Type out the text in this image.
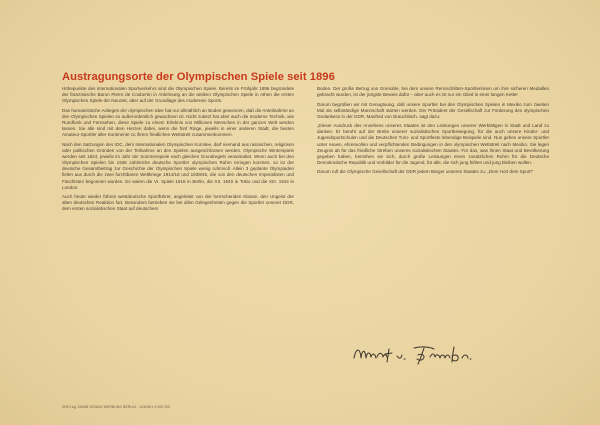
Austragungsorte der Olympischen Spiele seit 1896

Höhepunkte des internationalen Sportverkehrs sind die Olympischen Spiele. Bereits im Frühjahr 1896 begründete der französische Baron Pierre de Coubertin in Anlehnung an die antiken Olympischen Spiele in Athen die ersten Olympischen Spiele der Neuzeit, aber auf der Grundlage des modernen Sports.

Das humanistische Anliegen der olympischen Idee hat nur allmählich an Boden gewonnen, daß die Anteilnahme an den Olympischen Spielen so außerordentlich gewachsen ist. Nicht zuletzt hat aber auch die moderne Technik, wie Rundfunk und Fernsehen, diese Spiele zu einem Erlebnis von Millionen Menschen in der ganzen Welt werden lassen. Sie alle sind mit dem Herzen dabei, wenn die fünf Ringe, jeweils in einer anderen Stadt, die besten Amateur-Sportler aller Kontinente zu ihrem friedlichen Wettstreit zusammenkommen.

Nach den Satzungen des IOC, dem Internationalen Olympischen Komitee, darf niemand aus rassischen, religiösen oder politischen Gründen von der Teilnahme an den Spielen ausgeschlossen werden. Olympische Winterspiele werden seit 1924, jeweils im Jahr der Sommerspiele nach gleichen Grundregeln veranstaltet. Wenn auch bei den Olympischen Spielen bis 1936 zahlreiche deutsche Sportler olympischen Ruhm erringen konnten, so ist der deutsche Gesamtbeitrag zur Geschichte der Olympischen Spiele wenig ruhmvoll. Allein 3 geplante Olympiaden fielen aus durch die zwei furchtbaren Weltkriege 1914/18 und 1939/45, die von den deutschen Imperialisten und Faschisten begonnen wurden. Es waren die VI. Spiele 1916 in Berlin, die XII. 1940 in Tokio und die XIII. 1944 in London.

Auch heute wieder führen westdeutsche Sportführer, angeleitet von der herrschenden Klasse, den Ungeist der alten deutschen Reaktion fort. Besonders betrieben sie bei allen Gelegenheiten gegen die Sportler unserer DDR, dem ersten sozialistischen Staat auf deutschem

Boden. Der große Betrug von Grenoble, bei dem unsere Rennschlitten-Sportlerinnen um ihre sicheren Medaillen gebracht wurden, ist der jüngste Beweis dafür – aber auch es ist nur ein Glied in einer langen Kette!

Darum begrüßen wir mit Genugtuung, daß unsere Sportler bei den Olympischen Spielen in Mexiko zum zweiten Mal als selbständige Mannschaft starten werden. Der Präsident der Gesellschaft zur Förderung des olympischen Gedankens in der DDR, Manfred von Brauchitsch, sagt dazu:

„Dieser Ausdruck des Ansehens unseres Staates ist den Leistungen unserer Werktätigen in Stadt und Land zu danken. Er beruht auf der Breite unserer sozialistischen Sportbewegung, für die auch unsere Kinder- und Jugendsportschulen und die Deutschen Turn- und Sportfeste lebendige Beispiele sind. Nun gehen unsere Sportler unter neuen, ehrenvollen und verpflichtenden Bedingungen in den olympischen Wettstreit nach Mexiko. Sie legen Zeugnis ab für das friedliche Streben unseres sozialistischen Staates. Für das, was ihnen Staat und Bevölkerung gegeben haben, bemühen sie sich, durch große Leistungen einen zusätzlichen Ruhm für die Deutsche Demokratische Republik und Vorbilder für die Jugend, für alle, die sich jung fühlen und jung bleiben wollen.

Darum ruft die Olympische Gesellschaft der DDR jedem Bürger unseres Staates zu: „Dem Hort dem Sport!“

III/9/1 Ag 150/68 DEWAG WERBUNG BERLIN · 124/49/1 5 000 000
